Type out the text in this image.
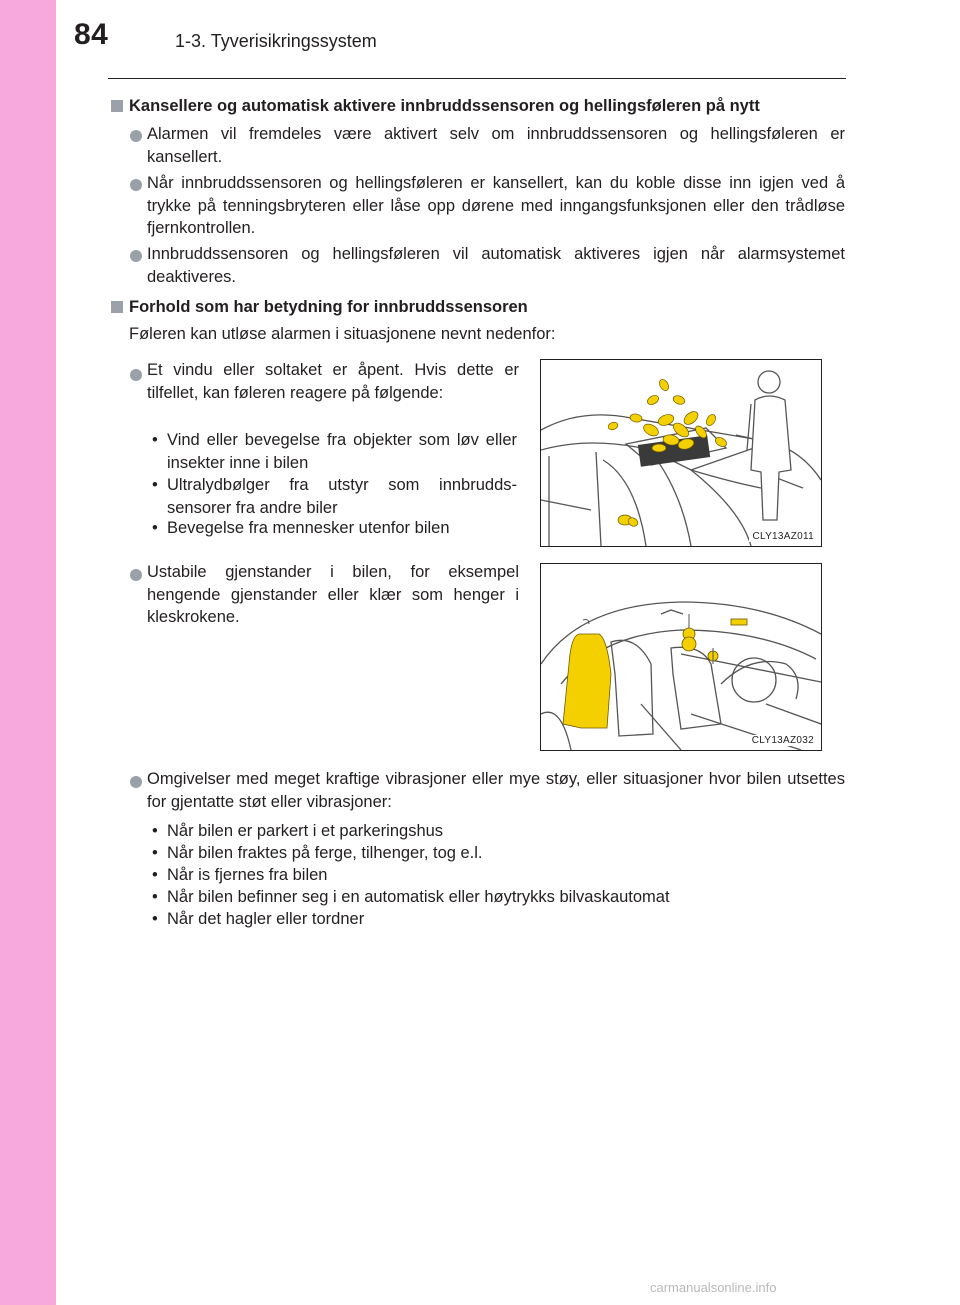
84	1-3. Tyverisikringssystem
Kansellere og automatisk aktivere innbruddssensoren og hellingsføleren på nytt
Alarmen vil fremdeles være aktivert selv om innbruddssensoren og hellingsføleren er kansellert.
Når innbruddssensoren og hellingsføleren er kansellert, kan du koble disse inn igjen ved å trykke på tenningsbryteren eller låse opp dørene med inngangsfunksjonen eller den trådløse fjernkontrollen.
Innbruddssensoren og hellingsføleren vil automatisk aktiveres igjen når alarmsystemet deaktiveres.
Forhold som har betydning for innbruddssensoren
Føleren kan utløse alarmen i situasjonene nevnt nedenfor:
Et vindu eller soltaket er åpent. Hvis dette er tilfellet, kan føleren reagere på følgende:
• Vind eller bevegelse fra objekter som løv eller insekter inne i bilen
• Ultralydbølger fra utstyr som innbrudds-sensorer fra andre biler
• Bevegelse fra mennesker utenfor bilen	CLY13AZ011
Ustabile gjenstander i bilen, for eksempel hengende gjenstander eller klær som henger i kleskrokene.
CLY13AZ032
Omgivelser med meget kraftige vibrasjoner eller mye støy, eller situasjoner hvor bilen utsettes for gjentatte støt eller vibrasjoner:
• Når bilen er parkert i et parkeringshus
• Når bilen fraktes på ferge, tilhenger, tog e.l.
• Når is fjernes fra bilen
• Når bilen befinner seg i en automatisk eller høytrykks bilvaskautomat
• Når det hagler eller tordner
carmanualsonline.info
